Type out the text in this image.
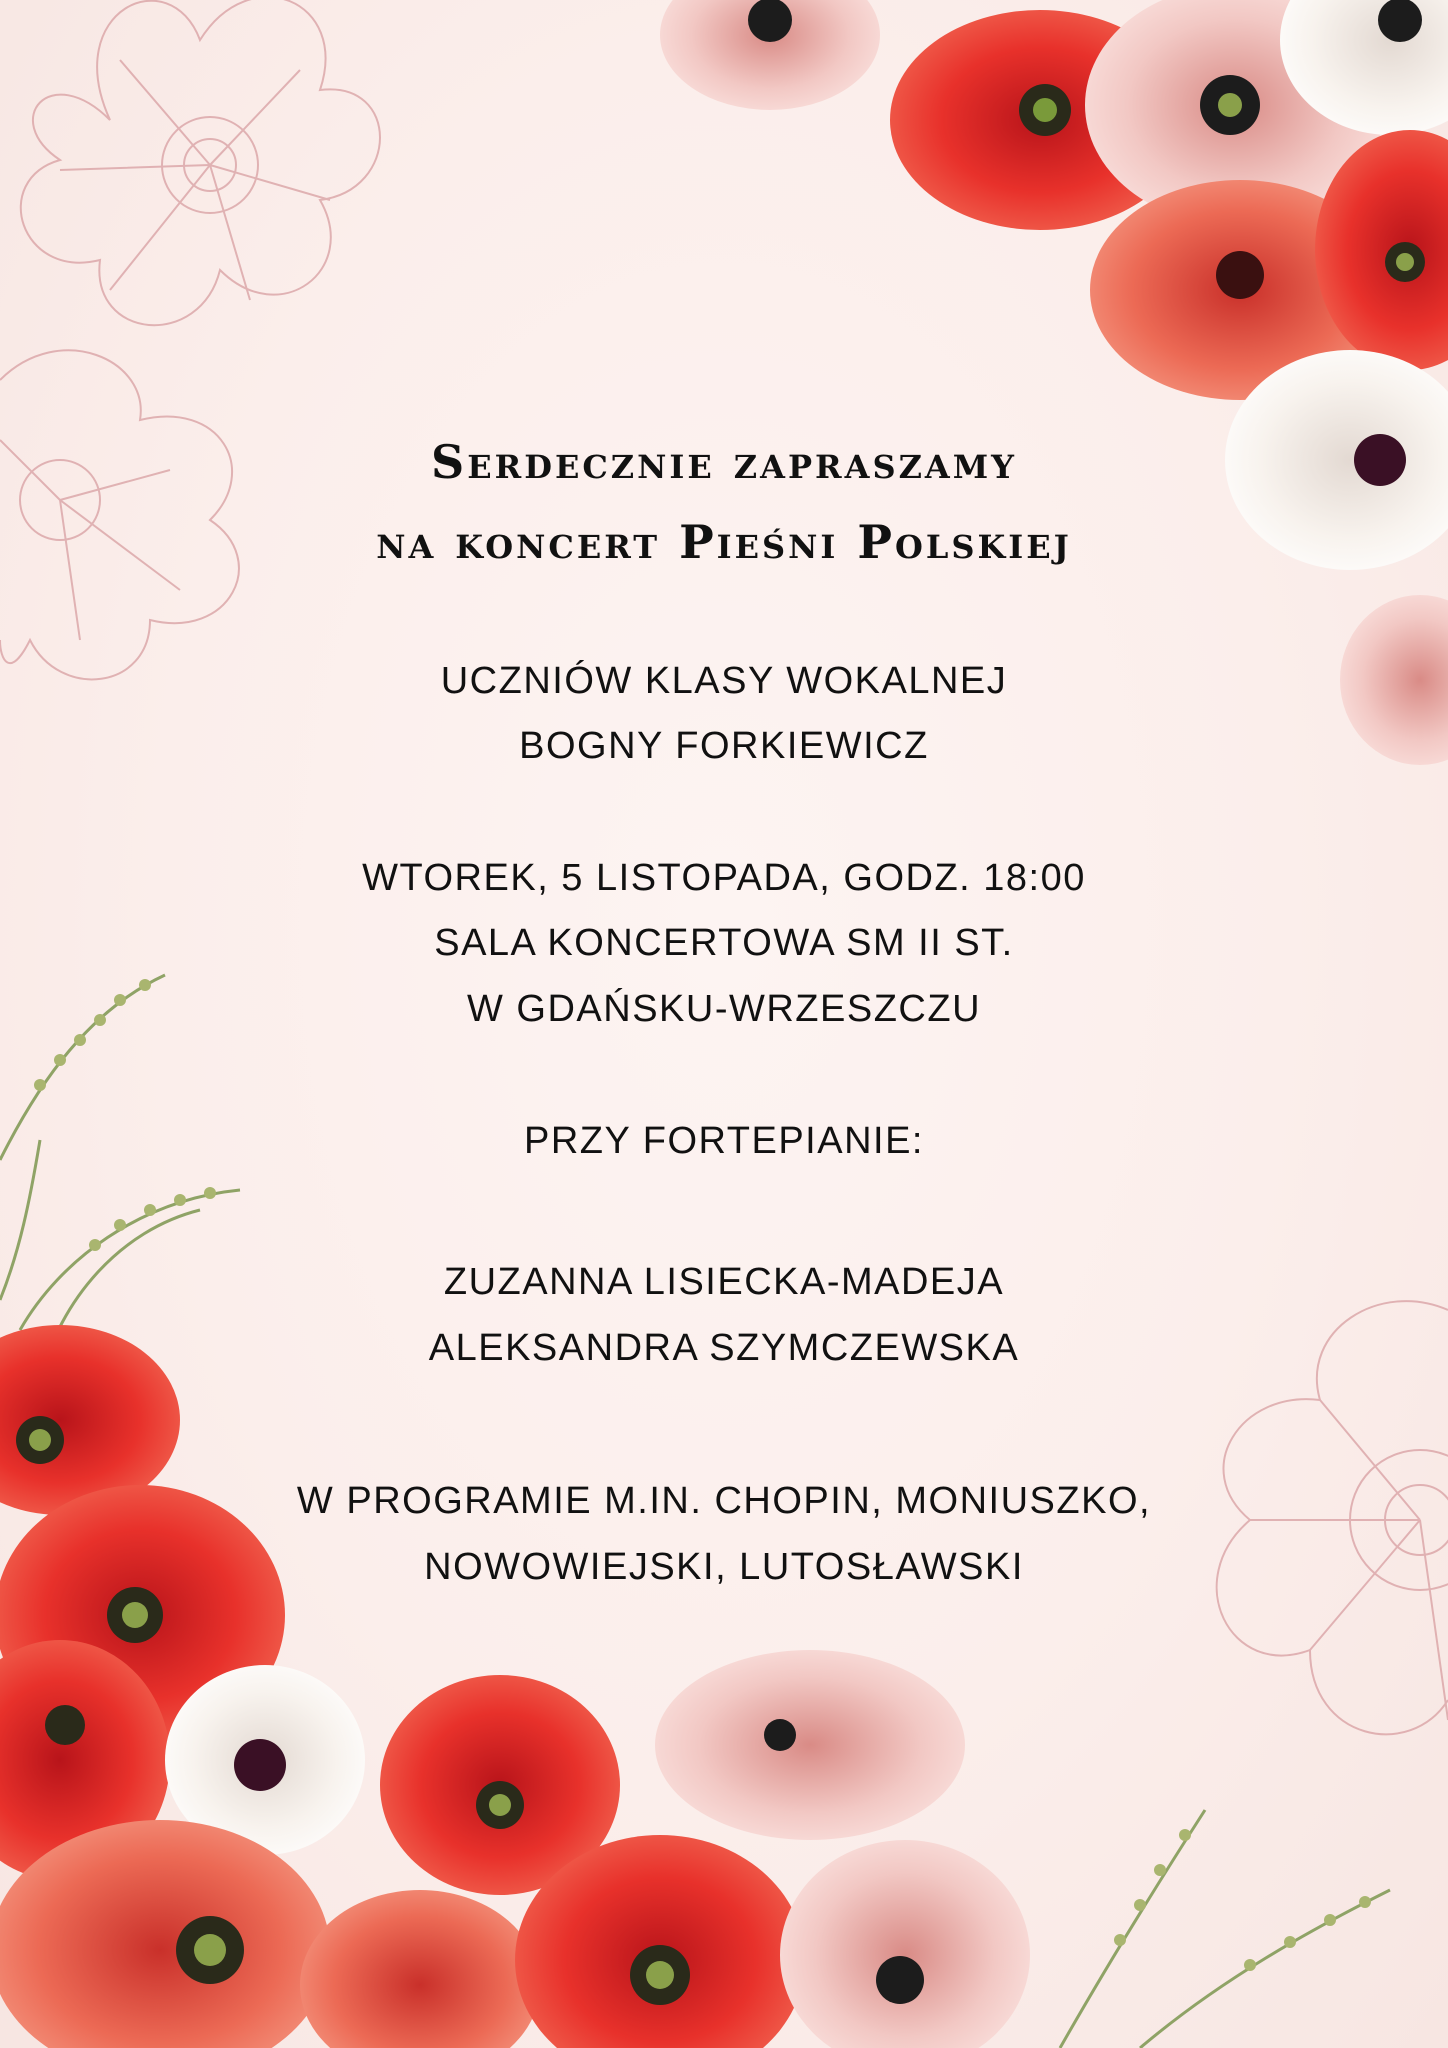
Serdecznie zapraszamy
na koncert Pieśni Polskiej
UCZNIÓW KLASY WOKALNEJ
BOGNY FORKIEWICZ
WTOREK, 5 LISTOPADA, GODZ. 18:00
SALA KONCERTOWA SM II ST.
W GDAŃSKU-WRZESZCZU
PRZY FORTEPIANIE:
ZUZANNA LISIECKA-MADEJA
ALEKSANDRA SZYMCZEWSKA
W PROGRAMIE M.IN. CHOPIN, MONIUSZKO,
NOWOWIEJSKI, LUTOSŁAWSKI
